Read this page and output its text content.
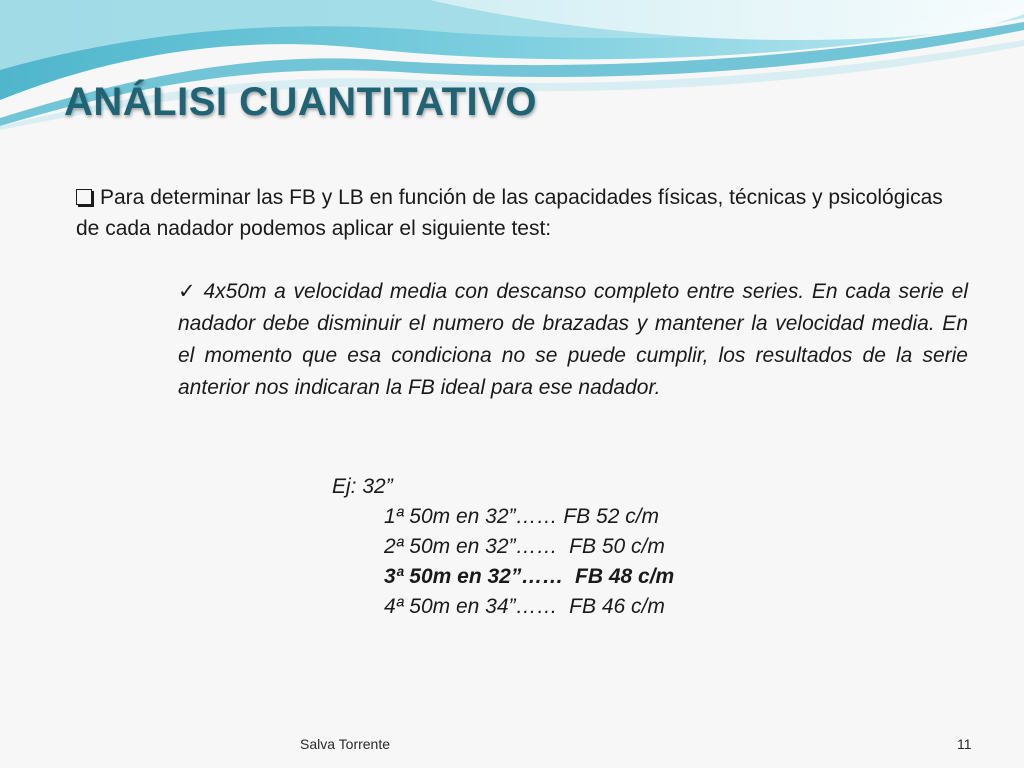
ANÁLISI CUANTITATIVO
Para determinar las FB y LB en función de las capacidades físicas, técnicas y psicológicas de cada nadador podemos aplicar el siguiente test:
✓ 4x50m a velocidad media con descanso completo entre series. En cada serie el nadador debe disminuir el numero de brazadas y mantener la velocidad media. En el momento que esa condiciona no se puede cumplir, los resultados de la serie anterior nos indicaran la FB ideal para ese nadador.
Ej: 32”
1ª 50m en 32”…… FB 52 c/m
2ª 50m en 32”……  FB 50 c/m
3ª 50m en 32”……  FB 48 c/m
4ª 50m en 34”……  FB 46 c/m
Salva Torrente	11
